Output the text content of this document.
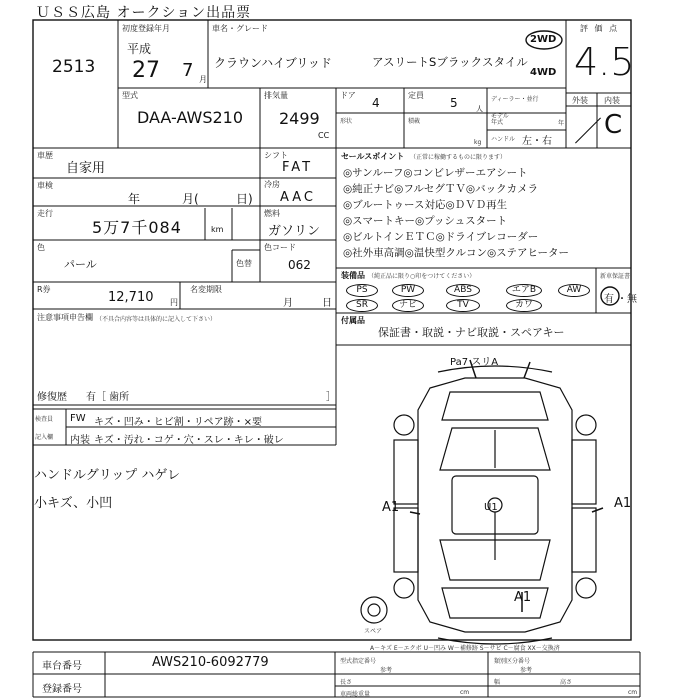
ＵＳＳ広島 オークション出品票
2513
初度登録年月
平成
27 7 月
車名・グレード
クラウンハイブリッド	アスリートSブラックスタイル
2WD
4WD
評 価 点
4.5
外装 内装
／ C
型式
DAA-AWS210
排気量
2499
CC
ドア
4
定員
5	人
形状	積載
kg
ディーラー・並行
モデル年式	年
ハンドル 左・右
車歴
自家用
車検
年	月(	日)
走行
5万7千084	km
シフト
FAT
冷房
AAC
燃料
ガソリン
色
パール	色替
色コード
062
R券
12,710 円
名変期限
月	日
注意事項申告欄 （不具合内容等は具体的に記入して下さい）
修復歴 有［ 歯所	］
検査員
記入欄
FW キズ・凹み・ヒビ割・リペア跡・×要
内装 キズ・汚れ・コゲ・穴・スレ・キレ・破レ
ハンドルグリップ ハゲレ
小キズ、小凹
セールスポイント （正常に稼働するものに限ります）
◎サンルーフ◎コンビレザーエアシート
◎純正ナビ◎フルセグＴＶ◎バックカメラ
◎ブルートゥース対応◎ＤＶＤ再生
◎スマートキー◎プッシュスタート
◎ビルトインＥＴＣ◎ドライブレコーダー
◎社外車高調◎温快型クルコン◎ステアヒーター
装備品 （純正品に限り○印をつけてください）	新車保証書
PS	PW	ABS	エアB	AW
SR	ナビ	TV	カワ	有 ・無
付属品
保証書・取説・ナビ取説・スペアキー
Pa7 スリA
A1	A1
U1
A1
スペア
A－キズ E－エクボ U－凹み W－補修跡 S－サビ C－腐食 XX－交換済
車台番号	AWS210-6092779
登録番号
型式指定番号
参考
類別区分番号
参考
長さ
cm
幅
cm
高さ
車両総重量
